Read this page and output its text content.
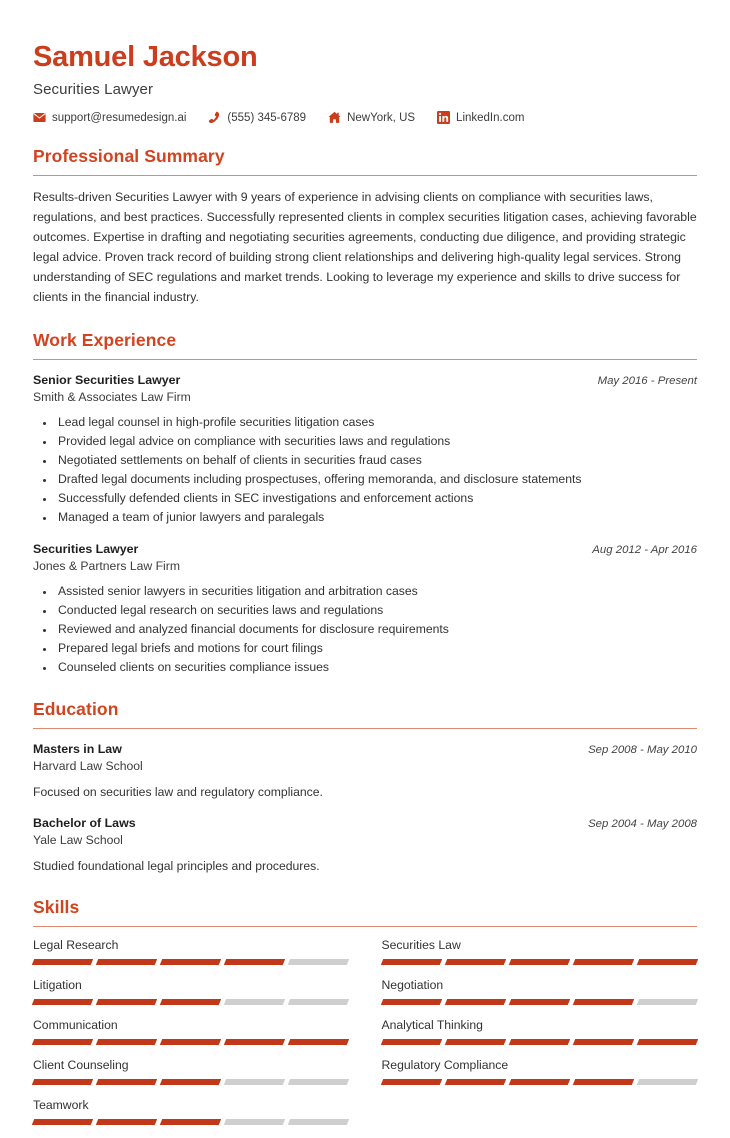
Samuel Jackson
Securities Lawyer
support@resumedesign.ai	(555) 345-6789	NewYork, US	LinkedIn.com
Professional Summary
Results-driven Securities Lawyer with 9 years of experience in advising clients on compliance with securities laws, regulations, and best practices. Successfully represented clients in complex securities litigation cases, achieving favorable outcomes. Expertise in drafting and negotiating securities agreements, conducting due diligence, and providing strategic legal advice. Proven track record of building strong client relationships and delivering high-quality legal services. Strong understanding of SEC regulations and market trends. Looking to leverage my experience and skills to drive success for clients in the financial industry.
Work Experience
Senior Securities Lawyer	May 2016 - Present
Smith & Associates Law Firm
• Lead legal counsel in high-profile securities litigation cases
• Provided legal advice on compliance with securities laws and regulations
• Negotiated settlements on behalf of clients in securities fraud cases
• Drafted legal documents including prospectuses, offering memoranda, and disclosure statements
• Successfully defended clients in SEC investigations and enforcement actions
• Managed a team of junior lawyers and paralegals
Securities Lawyer	Aug 2012 - Apr 2016
Jones & Partners Law Firm
• Assisted senior lawyers in securities litigation and arbitration cases
• Conducted legal research on securities laws and regulations
• Reviewed and analyzed financial documents for disclosure requirements
• Prepared legal briefs and motions for court filings
• Counseled clients on securities compliance issues
Education
Masters in Law	Sep 2008 - May 2010
Harvard Law School
Focused on securities law and regulatory compliance.
Bachelor of Laws	Sep 2004 - May 2008
Yale Law School
Studied foundational legal principles and procedures.
Skills
Legal Research	Securities Law
Litigation	Negotiation
Communication	Analytical Thinking
Client Counseling	Regulatory Compliance
Teamwork
